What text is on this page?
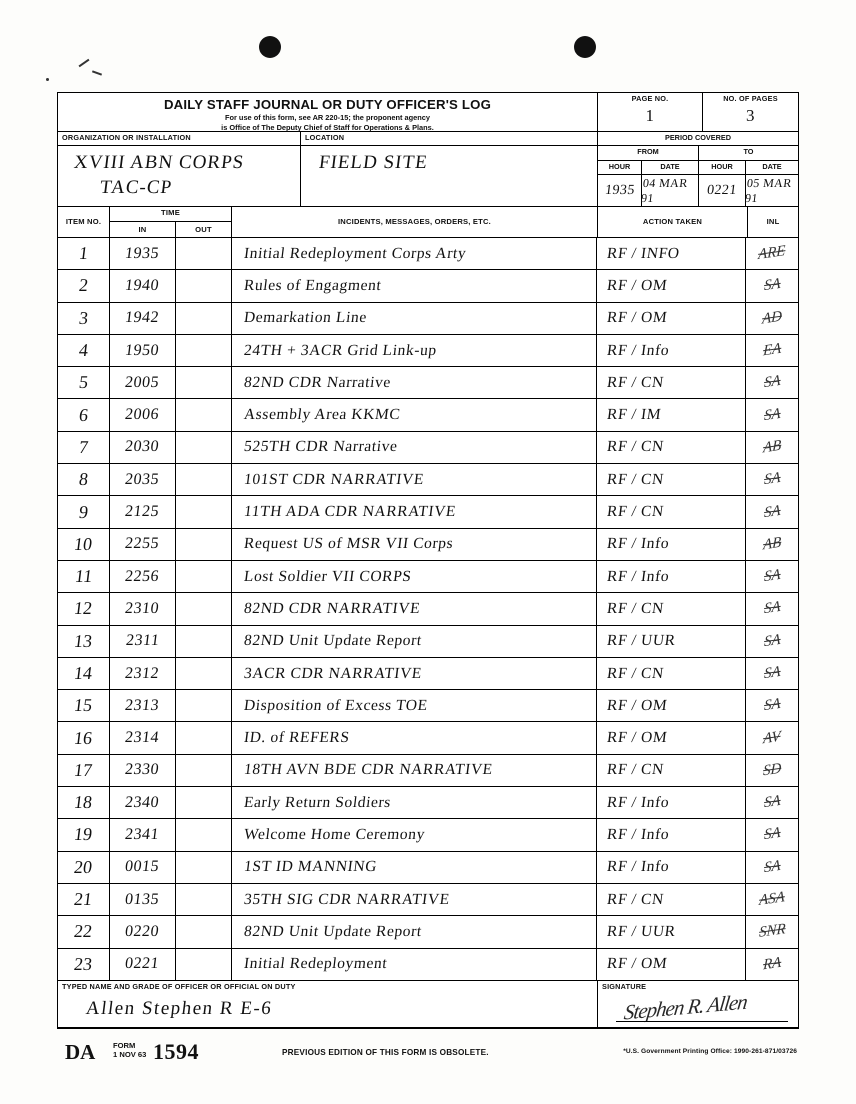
DAILY STAFF JOURNAL OR DUTY OFFICER'S LOG
For use of this form, see AR 220-15; the proponent agency
is Office of The Deputy Chief of Staff for Operations & Plans.
PAGE NO.
1
NO. OF PAGES
3
ORGANIZATION OR INSTALLATION	LOCATION	PERIOD COVERED
XVIII ABN CORPS
TAC-CP
FIELD SITE
FROM	TO
HOUR	DATE	HOUR	DATE
1935 04 MAR 91	0221 05 MAR 91
ITEM NO.
TIME
IN	OUT
INCIDENTS, MESSAGES, ORDERS, ETC.	ACTION TAKEN	INL
1 1935	Initial Redeployment Corps Arty	RF / INFO	ARE
2 1940	Rules of Engagment	RF / OM	SA
3 1942	Demarkation Line	RF / OM	AD
4 1950	24TH + 3ACR Grid Link-up	RF / Info	EA
5 2005	82ND CDR Narrative	RF / CN	SA
6 2006	Assembly Area KKMC	RF / IM	SA
7 2030	525TH CDR Narrative	RF / CN	AB
8 2035	101ST CDR NARRATIVE	RF / CN	SA
9 2125	11TH ADA CDR NARRATIVE	RF / CN	SA
10 2255	Request US of MSR VII Corps	RF / Info	AB
11 2256	Lost Soldier VII CORPS	RF / Info	SA
12 2310	82ND CDR NARRATIVE	RF / CN	SA
13 2311	82ND Unit Update Report	RF / UUR	SA
14 2312	3ACR CDR NARRATIVE	RF / CN	SA
15 2313	Disposition of Excess TOE	RF / OM	SA
16 2314	ID. of REFERS	RF / OM	AV
17 2330	18TH AVN BDE CDR NARRATIVE	RF / CN	SD
18 2340	Early Return Soldiers	RF / Info	SA
19 2341	Welcome Home Ceremony	RF / Info	SA
20 0015	1ST ID MANNING	RF / Info	SA
21 0135	35TH SIG CDR NARRATIVE	RF / CN	ASA
22 0220	82ND Unit Update Report	RF / UUR	SNR
23 0221	Initial Redeployment	RF / OM	RA
TYPED NAME AND GRADE OF OFFICER OR OFFICIAL ON DUTY
Allen Stephen R E-6
SIGNATURE
Stephen R. Allen
DA FORM
1 NOV 63 1594	PREVIOUS EDITION OF THIS FORM IS OBSOLETE.	*U.S. Government Printing Office: 1990-261-871/03726
